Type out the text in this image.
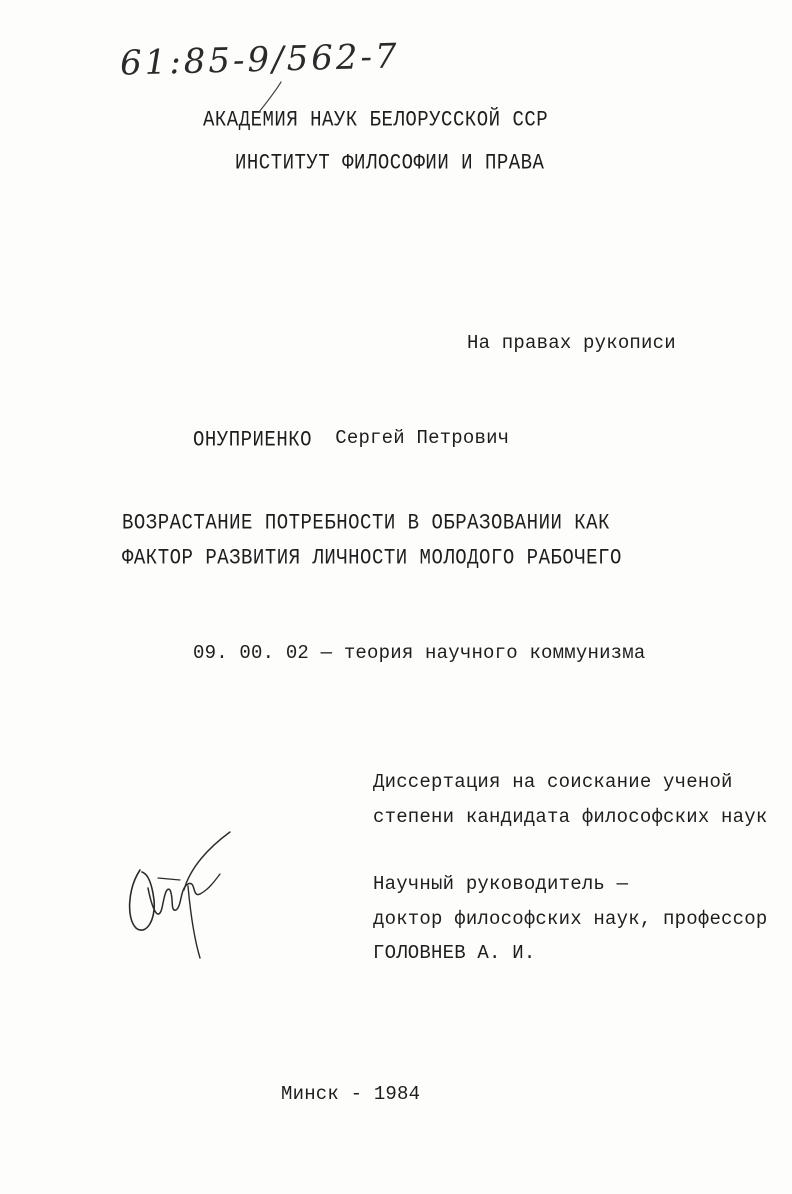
61:85-9/562-7
АКАДЕМИЯ НАУК БЕЛОРУССКОЙ ССР
ИНСТИТУТ ФИЛОСОФИИ И ПРАВА
На правах рукописи
ОНУПРИЕНКО Сергей Петрович
ВОЗРАСТАНИЕ ПОТРЕБНОСТИ В ОБРАЗОВАНИИ КАК
ФАКТОР РАЗВИТИЯ ЛИЧНОСТИ МОЛОДОГО РАБОЧЕГО
09. 00. 02 — теория научного коммунизма
Диссертация на соискание ученой
степени кандидата философских наук
Научный руководитель —
доктор философских наук, профессор
ГОЛОВНЕВ А. И.
Минск - 1984
